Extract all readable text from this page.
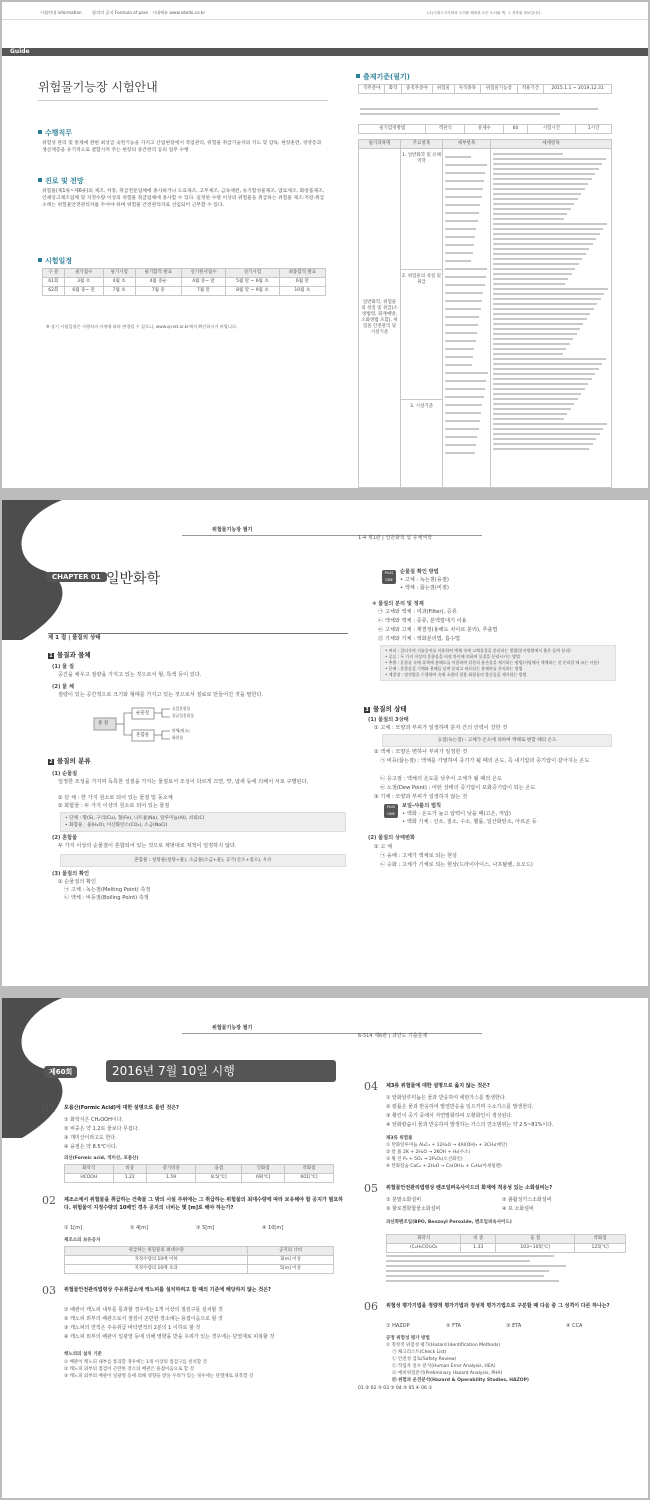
시험안내 information 합격의 공식 Formula of pass 시대에듀 www.sdedu.co.kr	(주)시대고시기획의 도서를 제외한 모든 도서와 책, 그 저작권 정보입니다.
Guide
위험물기능장 시험안내
수행직무
위험성 관리 및 통제에 관한 최상급 숙련기능을 가지고 산업현장에서 작업관리, 위험물 취급기술자의 지도 및 감독, 현장훈련, 경영층과 생산계층을 유기적으로 결합시켜 주는 현장의 중간관리 등의 업무 수행
진로 및 전망
위험물(제1류~제6류)의 제조, 저장, 취급전문업체에 종사하거나 도료제조, 고무제조, 금속제련, 유기합성물제조, 염료제조, 화장품제조, 인쇄잉크제조업체 및 지정수량 이상의 위험물 취급업체에 종사할 수 있다. 일정한 수량 이상의 위험물을 취급하는 위험물 제조·저장·취급소에는 위험물안전관리자를 두어야 하며 위험물 안전관리자로 선임되어 근무할 수 있다.
시험일정
구 분	필기접수	필기시험	필기합격 발표	실기원서접수	실기시험	최종합격 발표
61회	3월 초	4월 초	4월 중순	4월 중~ 말	5월 말 ~ 6월 초	6월 말
62회	6월 중~ 말	7월 초	7월 중	7월 말	8월 말 ~ 9월 초	10월 초
※ 상기 시험일정은 시행처의 사정에 따라 변경될 수 있으니, www.q-net.or.kr에서 확인하시기 바랍니다.
출제기준(필기)
직무분야	화학	중직무분야	위험물	자격종목	위험물기능장	적용기간	2015.1.1 ~ 2019.12.31
필기검정방법	객관식	문제수	60	시험시간	1시간
필기과목명	주요항목	세부항목	세세항목
일반화학, 위험물의 성질 및 취급(소방법령, 화재예방, 소화방법 포함), 위험물 안전관리 및 시설기준	1. 일반화학 및 유체역학
2. 위험물의 성질 및 취급
3. 시설기준		

위험물기능장 필기
1-4 제1편 | 일반화학 및 유체역학
CHAPTER 01 일반화학
제 1 절 | 물질의 상태
1 물질과 물체
(1) 물 질
공간을 채우고 질량을 가지고 있는 것으로서 형, 특색 등이 있다.
(2) 물 체
질량이 있는 공간적으로 크기와 형태를 가지고 있는 것으로서 질료로 만들어진 것을 말한다.
물 질
순물질
혼합물
균일혼합물
불균일혼합물
단체(원소)
화합물
2 물질의 분류
(1) 순물질
일정한 조성을 가지며 독특한 성질을 가지는 물질로서 조성이 다르게 끄면, 맛, 냄새 등에 의해서 서로 구별된다.
① 단 체 : 한 가지 원소로 되어 있는 물질 및 동소체
② 화합물 : 두 가지 이상의 원소로 되어 있는 물질
• 단체 : 황(S), 구리(Cu), 철(Fe), 나트륨(Na), 알루미늄(Al), 쇠퇴(C)
• 화합물 : 물(H₂O), 이산화탄소(CO₂), 소금(NaCl)
(2) 혼합물
두 가지 이상의 순물질이 혼합되어 있는 것으로 제멋대로 쳐적이 일정하지 않다.
혼합물 : 설탕물(설탕+물), 소금물(소금+물), 공기(산소+질소), 우유
(3) 물질의 확인
① 순물질의 확인
㉠ 고체 : 녹는점(Melting Point) 측정
㉡ 액체 : 비등점(Boiling Point) 측정
PLUS
ONE
순물질 확인 방법
• 고체 : 녹는점(융점)
• 액체 : 끓는점(비점)
② 물질의 분리 및 정제
㉠ 고체와 액체 : 여과(Filter), 증류
㉡ 액체와 액체 : 증류, 분액깔대기 이용
㉢ 고체와 고체 : 재결정(용해도 차이로 분리), 추출법
㉣ 기체와 기체 : 액화분리법, 흡수법
• 여과 : 걸러가며 거름종이를 이용하여 액체 속에 고체물질을 분리하는 방법(분자량별에서 흡은 음력 분리)
• 증류 : 두 가지 이상의 혼합물을 비점 차이에 의하여 물질을 분리시키는 방법
• 추출 : 혼합물 속에 혹액에 용해도를 이용하여 뒤분의 용손물을 제거하는 방법(저압에서 액체하는 것 분리할 때 쓰는 사용)
• 분배 : 혼합물질 기체와 용해들 낮여 분리고 바로되는 용해차를 분리하는 방법
• 재결정 : 정전법을 수행하여 속에 소량의 결용 화합물의 불순물을 제거하는 방법
3 물질의 상태
(1) 물질의 3상태
① 고체 : 모양과 부피가 일정하며 분자 간의 인력이 강한 것
응점(녹는점) : 고체가 온도에 의하여 액체로 변할 때의 온도
② 액체 : 모양은 변하나 부피가 일정한 것
㉠ 비등(끓는점) : 액체를 가열하여 증기가 될 때의 온도, 즉 내기압과 증기압이 같아지는 온도
㉡ 응고점 : 액체의 온도를 낮추어 고체가 될 때의 온도
㉢ 노점(Dew Point) : 어떤 상태의 증기압이 포화증기압이 되는 온도
③ 기체 : 모양과 부피가 일정하지 않는 것
PLUS
ONE
보일-샤를의 법칙
• 액화 : 온도가 높고 압력이 낮을 때(고온, 저압)
• 액화 기체 : 산소, 질소, 수소, 헬륨, 일산화탄소, 아르곤 등
(2) 물질의 상태변화
① 고 체
㉠ 융해 : 고체가 액체로 되는 현상
㉡ 승화 : 고체가 기체로 되는 현상(드라이아이스, 나프탈렌, 요오드)
위험물기능장 필기
6-514 제6편 | 과년도 기출문제
제60회	2016년 7월 10일 시행
01 포름산(Formic Acid)에 대한 설명으로 틀린 것은?
① 화학식은 CH₂OOH이다.
② 비중은 약 1.2로 물보다 무겁다.
③ 개미산이라고도 한다.
④ 융점은 약 8.5℃이다.
의산(Formic acid, 개미산, 포름산)
화학식	비중	증기비중	융점	인화점	착화점
HCOOH	1.22	1.59	8.5[℃]	69[℃]	601[℃]
02 제조소에서 위험물을 취급하는 건축물 그 밖의 시설 주위에는 그 취급하는 위험물의 최대수량에 따라 보유해야 할 공지가 필요하다. 위험물이 지정수량의 10배인 경우 공지의 너비는 몇 [m]로 해야 하는가?
① 1[m]	② 4[m]	③ 5[m]	④ 10[m]
제조소의 보유공지
취급하는 위험물의 최대수량	공지의 너비
지정수량의 10배 이하	3[m] 이상
지정수량의 10배 초과	5[m] 이상
03 위험물안전관리법령상 주유취급소에 캐노피를 설치하려고 할 때의 기준에 해당하지 않는 것은?
① 배관이 캐노피 내부를 통과할 경우에는 1개 이상의 점검구를 설치할 것
② 캐노피 외부의 배관으로서 점검이 곤란한 장소에는 용접이음으로 할 것
③ 캐노피의 면적은 주유취급 바닥면적의 2분의 1 이하로 할 것
④ 캐노피 외부의 배관이 일광열 등에 의해 영향을 받을 우려가 있는 경우에는 단열재로 피복할 것
캐노피의 설치 기준
① 배관이 캐노피 내부를 통과할 경우에는 1개 이상의 점검구를 설치할 것
② 캐노피 외부의 점검이 곤란한 장소의 배관은 용접이음으로 할 것
③ 캐노피 외부의 배관이 일광열 등에 의해 영향을 받을 우려가 있는 경우에는 단열재로 피복할 것
04 제3류 위험물에 대한 설명으로 옳지 않는 것은?
① 탄화알루미늄은 물과 반응하여 에탄가스를 발생한다.
② 칼륨은 물과 반응하여 발열반응을 일으키며 수소가스를 발생한다.
③ 황린이 공기 중에서 자연발화하여 오황화인이 생성된다.
④ 탄화칼슘이 물과 반응하여 발생하는 가스의 연소범위는 약 2.5~81%이다.
제3류 위험물
① 탄화알루미늄 Al₄C₃ + 12H₂O → 4Al(OH)₃ + 3CH₄(메탄)
② 칼 륨 2K + 2H₂O → 2KOH + H₂(수소)
③ 황 린 P₄ + 5O₂ → 2P₂O₅(오산화인)
④ 탄화칼슘 CaC₂ + 2H₂O → Ca(OH)₂ + C₂H₂(아세틸렌)
05 위험물안전관리법령상 벤조일퍼옥사이드의 화재에 적응성 있는 소화설비는?
① 분말소화설비	② 불활성가스소화설비
③ 할로겐화합물소화설비	④ 포 소화설비
과산화벤조일(BPO, Benzoyl Peroxide, 벤조일퍼옥사이드)
화학식	비 중	융 점	착화점
(C₆H₅CO)₂O₂	1.33	103~105[℃]	125[℃]
06 위험성 평가기법을 정량적 평가기법과 정성적 평가기법으로 구분할 때 다음 중 그 성격이 다른 하나는?
① HAZOP	② FTA	③ ETA	④ CCA
공정 위험성 평가 방법
① 정성적 위험성 평가(Hazard Identification Methods)
㉠ 체크리스트(Check List)
㉡ 안전성 검토(Safety Review)
㉢ 작업자 실수 분석(Human Error Analysis, HEA)
㉣ 예비위험분석(Preliminary Hazard Analysis, PHA)
㉤ 위험과 운전분석(Hazard & Operability Studies, HAZOP)
01 ② 02 ③ 03 ③ 04 ③ 05 ④ 06 ①
